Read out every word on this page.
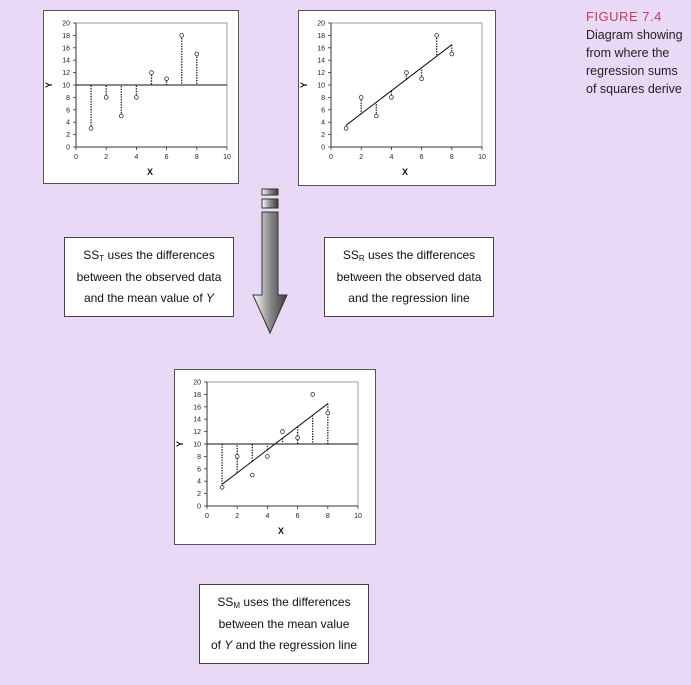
0
2
4
6
8
10
12
14
16
18
20
0	2	4	6	8	10
X
Y
0
2
4
6
8
10
12
14
16
18
20
0	2	4	6	8	10
X
Y
FIGURE 7.4
Diagram showing
from where the
regression sums
of squares derive
$SS_T$ uses the differences
between the observed data
and the mean value of Y
$SS_R$ uses the differences
between the observed data
and the regression line
0
2
4
6
8
10
12
14
16
18
20
0	2	4	6	8	10
X
Y
$SS_M$ uses the differences
between the mean value
of Y and the regression line
